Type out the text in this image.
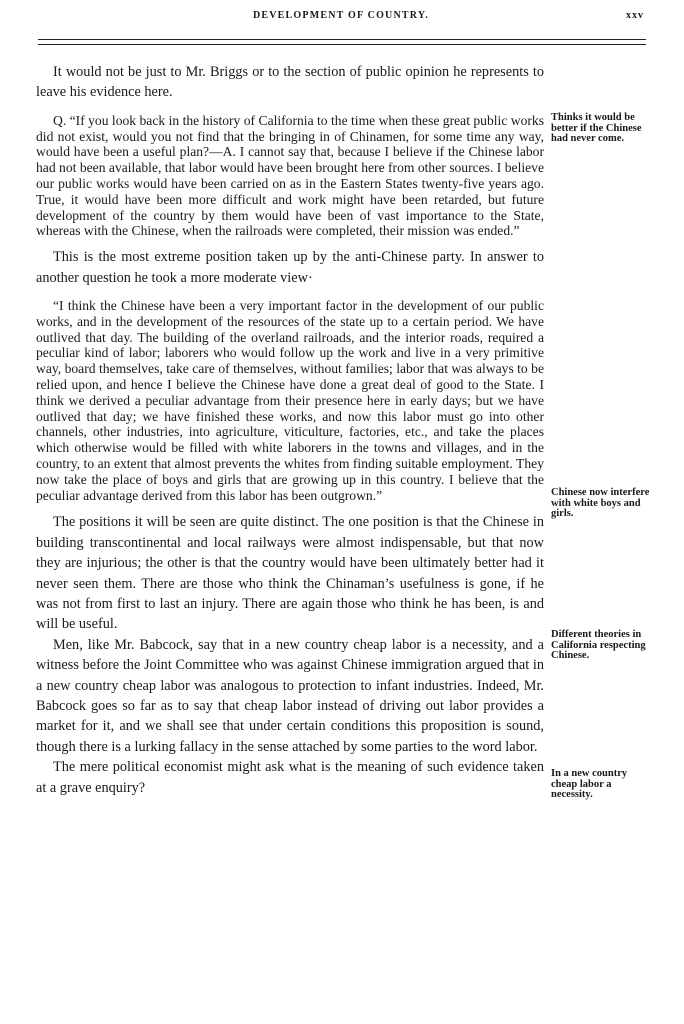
DEVELOPMENT OF COUNTRY.	xxv

It would not be just to Mr. Briggs or to the section of public opinion he represents to leave his evidence here.

Q. “If you look back in the history of California to the time when these great public works did not exist, would you not find that the bringing in of Chinamen, for some time any way, would have been a useful plan?—A. I cannot say that, because I believe if the Chinese labor had not been available, that labor would have been brought here from other sources. I believe our public works would have been carried on as in the Eastern States twenty-five years ago. True, it would have been more difficult and work might have been retarded, but future development of the country by them would have been of vast importance to the State, whereas with the Chinese, when the railroads were completed, their mission was ended.”

This is the most extreme position taken up by the anti-Chinese party. In answer to another question he took a more moderate view·

“I think the Chinese have been a very important factor in the development of our public works, and in the development of the resources of the state up to a certain period. We have outlived that day. The building of the overland railroads, and the interior roads, required a peculiar kind of labor; laborers who would follow up the work and live in a very primitive way, board themselves, take care of themselves, without families; labor that was always to be relied upon, and hence I believe the Chinese have done a great deal of good to the State. I think we derived a peculiar advantage from their presence here in early days; but we have outlived that day; we have finished these works, and now this labor must go into other channels, other industries, into agriculture, viticulture, factories, etc., and take the places which otherwise would be filled with white laborers in the towns and villages, and in the country, to an extent that almost prevents the whites from finding suitable employment. They now take the place of boys and girls that are growing up in this country. I believe that the peculiar advantage derived from this labor has been outgrown.”

The positions it will be seen are quite distinct. The one position is that the Chinese in building transcontinental and local railways were almost indispensable, but that now they are injurious; the other is that the country would have been ultimately better had it never seen them. There are those who think the Chinaman’s usefulness is gone, if he was not from first to last an injury. There are again those who think he has been, is and will be useful.

Men, like Mr. Babcock, say that in a new country cheap labor is a necessity, and a witness before the Joint Committee who was against Chinese immigration argued that in a new country cheap labor was analogous to protection to infant industries. Indeed, Mr. Babcock goes so far as to say that cheap labor instead of driving out labor provides a market for it, and we shall see that under certain conditions this proposition is sound, though there is a lurking fallacy in the sense attached by some parties to the word labor.

The mere political economist might ask what is the meaning of such evidence taken at a grave enquiry?

Thinks it would be better if the Chinese had never come.
Chinese now interfere with white boys and girls.
Different theories in California respecting Chinese.
In a new country cheap labor a necessity.
